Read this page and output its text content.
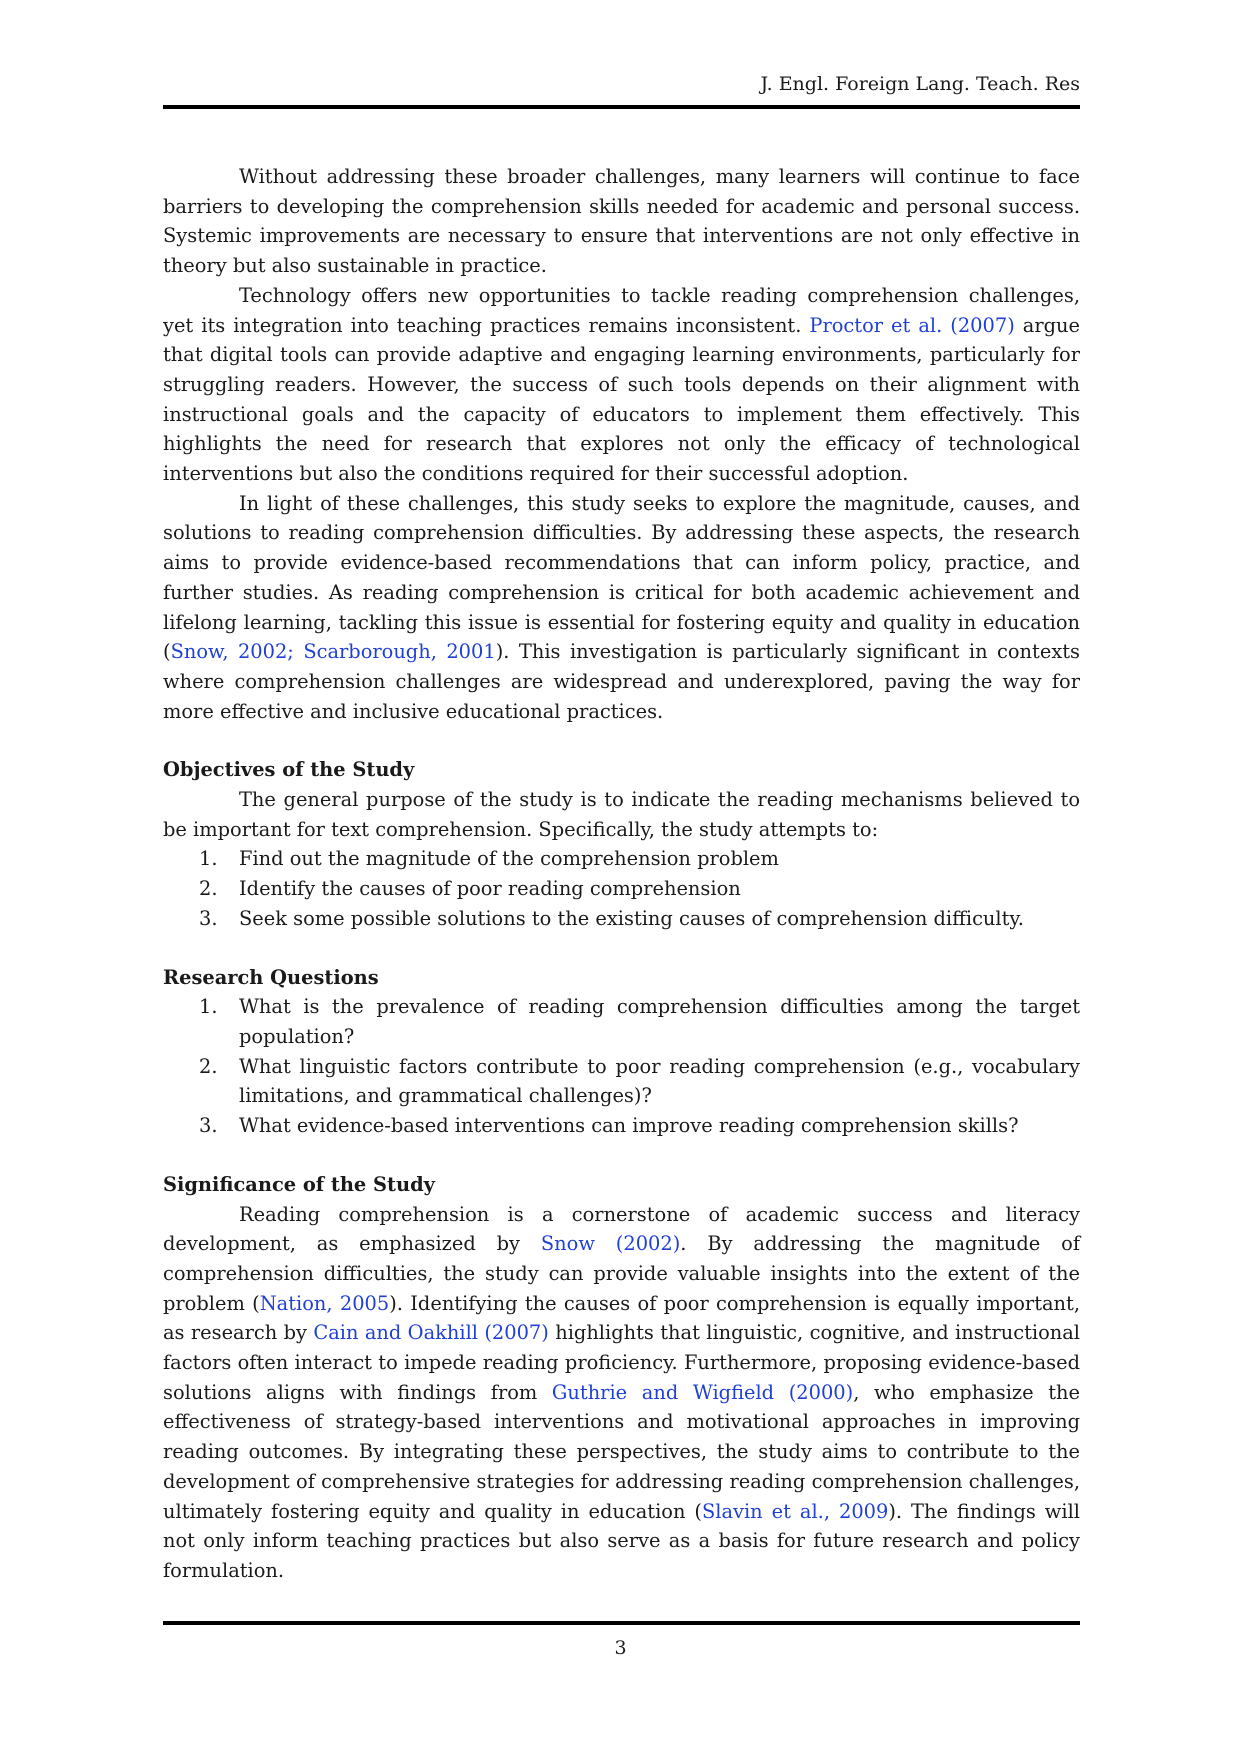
J. Engl. Foreign Lang. Teach. Res

Without addressing these broader challenges, many learners will continue to face barriers to developing the comprehension skills needed for academic and personal success. Systemic improvements are necessary to ensure that interventions are not only effective in theory but also sustainable in practice.

Technology offers new opportunities to tackle reading comprehension challenges, yet its integration into teaching practices remains inconsistent. Proctor et al. (2007) argue that digital tools can provide adaptive and engaging learning environments, particularly for struggling readers. However, the success of such tools depends on their alignment with instructional goals and the capacity of educators to implement them effectively. This highlights the need for research that explores not only the efficacy of technological interventions but also the conditions required for their successful adoption.

In light of these challenges, this study seeks to explore the magnitude, causes, and solutions to reading comprehension difficulties. By addressing these aspects, the research aims to provide evidence-based recommendations that can inform policy, practice, and further studies. As reading comprehension is critical for both academic achievement and lifelong learning, tackling this issue is essential for fostering equity and quality in education (Snow, 2002; Scarborough, 2001). This investigation is particularly significant in contexts where comprehension challenges are widespread and underexplored, paving the way for more effective and inclusive educational practices.

Objectives of the Study

The general purpose of the study is to indicate the reading mechanisms believed to be important for text comprehension. Specifically, the study attempts to:

1.	Find out the magnitude of the comprehension problem
2.	Identify the causes of poor reading comprehension
3.	Seek some possible solutions to the existing causes of comprehension difficulty.
Research Questions
1.	What is the prevalence of reading comprehension difficulties among the target population?
2.	What linguistic factors contribute to poor reading comprehension (e.g., vocabulary limitations, and grammatical challenges)?
3.	What evidence-based interventions can improve reading comprehension skills?
Significance of the Study

Reading comprehension is a cornerstone of academic success and literacy development, as emphasized by Snow (2002). By addressing the magnitude of comprehension difficulties, the study can provide valuable insights into the extent of the problem (Nation, 2005). Identifying the causes of poor comprehension is equally important, as research by Cain and Oakhill (2007) highlights that linguistic, cognitive, and instructional factors often interact to impede reading proficiency. Furthermore, proposing evidence-based solutions aligns with findings from Guthrie and Wigfield (2000), who emphasize the effectiveness of strategy-based interventions and motivational approaches in improving reading outcomes. By integrating these perspectives, the study aims to contribute to the development of comprehensive strategies for addressing reading comprehension challenges, ultimately fostering equity and quality in education (Slavin et al., 2009). The findings will not only inform teaching practices but also serve as a basis for future research and policy formulation.

3
